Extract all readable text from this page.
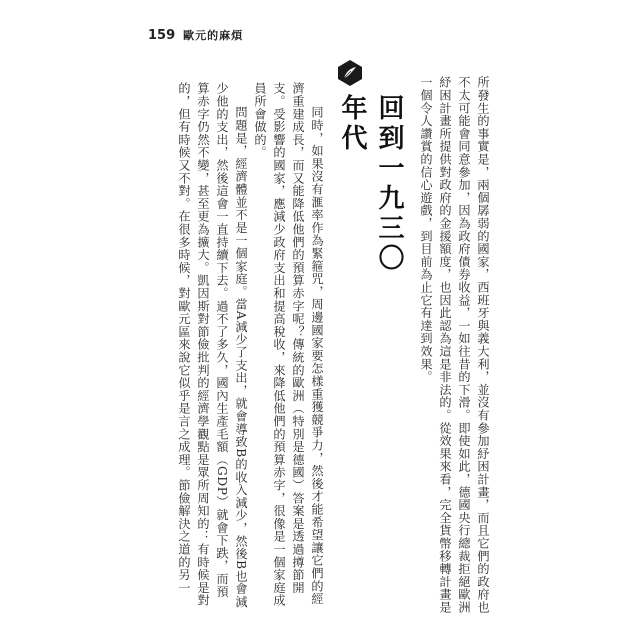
159 歐元的麻煩

所發生的事實是，兩個孱弱的國家，西班牙與義大利，並沒有參加紓困計畫，而且它們的政府也不太可能會同意參加，因為政府債券收益，一如往昔的下滑。即使如此，德國央行總裁拒絕歐洲紓困計畫所提供對政府的金援額度，也因此認為這是非法的。從效果來看，完全貨幣移轉計畫是一個令人讚賞的信心遊戲，到目前為止它有達到效果。

回到一九三〇年代

同時，如果沒有滙率作為緊箍咒，周邊國家要怎樣重獲競爭力，然後才能希望讓它們的經濟重建成長，而又能降低他們的預算赤字呢？傳統的歐洲（特別是德國）答案是透過撙節開支。受影響的國家，應減少政府支出和提高稅收，來降低他們的預算赤字，很像是一個家庭成員所會做的。

問題是，經濟體並不是一個家庭。當A減少了支出，就會導致B的收入減少，然後B也會減少他的支出，然後這會一直持續下去。過不了多久，國內生產毛額（GDP）就會下跌，而預算赤字仍然不變，甚至更為擴大。凱因斯對節儉批判的經濟學觀點是眾所周知的：有時候是對的，但有時候又不對。在很多時候，對歐元區來說它似乎是言之成理。節儉解決之道的另一
